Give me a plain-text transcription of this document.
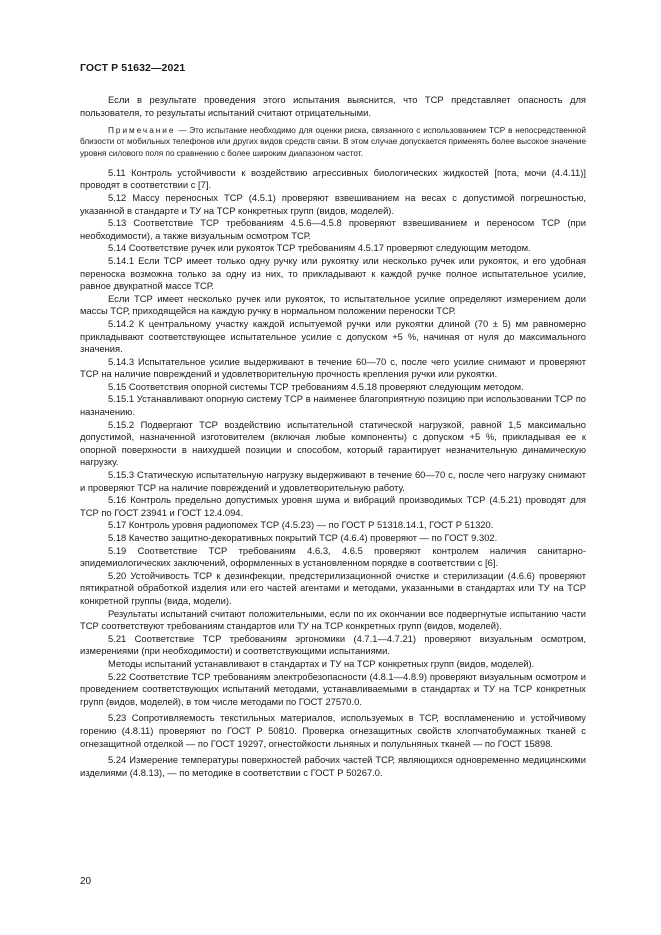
ГОСТ Р 51632—2021

Если в результате проведения этого испытания выяснится, что ТСР представляет опасность для пользователя, то результаты испытаний считают отрицательными.

Примечание — Это испытание необходимо для оценки риска, связанного с использованием ТСР в непосредственной близости от мобильных телефонов или других видов средств связи. В этом случае допускается применять более высокое значение уровня силового поля по сравнению с более широким диапазоном частот.

5.11 Контроль устойчивости к воздействию агрессивных биологических жидкостей [пота, мочи (4.4.11)] проводят в соответствии с [7].

5.12 Массу переносных ТСР (4.5.1) проверяют взвешиванием на весах с допустимой погрешностью, указанной в стандарте и ТУ на ТСР конкретных групп (видов, моделей).

5.13 Соответствие ТСР требованиям 4.5.6—4.5.8 проверяют взвешиванием и переносом ТСР (при необходимости), а также визуальным осмотром ТСР.

5.14 Соответствие ручек или рукояток ТСР требованиям 4.5.17 проверяют следующим методом.

5.14.1 Если ТСР имеет только одну ручку или рукоятку или несколько ручек или рукояток, и его удобная переноска возможна только за одну из них, то прикладывают к каждой ручке полное испытательное усилие, равное двукратной массе ТСР.

Если ТСР имеет несколько ручек или рукояток, то испытательное усилие определяют измерением доли массы ТСР, приходящейся на каждую ручку в нормальном положении переноски ТСР.

5.14.2 К центральному участку каждой испытуемой ручки или рукоятки длиной (70 ± 5) мм равномерно прикладывают соответствующее испытательное усилие с допуском +5 %, начиная от нуля до максимального значения.

5.14.3 Испытательное усилие выдерживают в течение 60—70 с, после чего усилие снимают и проверяют ТСР на наличие повреждений и удовлетворительную прочность крепления ручки или рукоятки.

5.15 Соответствия опорной системы ТСР требованиям 4.5.18 проверяют следующим методом.

5.15.1 Устанавливают опорную систему ТСР в наименее благоприятную позицию при использовании ТСР по назначению.

5.15.2 Подвергают ТСР воздействию испытательной статической нагрузкой, равной 1,5 максимально допустимой, назначенной изготовителем (включая любые компоненты) с допуском +5 %, прикладывая ее к опорной поверхности в наихудшей позиции и способом, который гарантирует незначительную динамическую нагрузку.

5.15.3 Статическую испытательную нагрузку выдерживают в течение 60—70 с, после чего нагрузку снимают и проверяют ТСР на наличие повреждений и удовлетворительную работу.

5.16 Контроль предельно допустимых уровня шума и вибраций производимых ТСР (4.5.21) проводят для ТСР по ГОСТ 23941 и ГОСТ 12.4.094.

5.17 Контроль уровня радиопомех ТСР (4.5.23) — по ГОСТ Р 51318.14.1, ГОСТ Р 51320.

5.18 Качество защитно-декоративных покрытий ТСР (4.6.4) проверяют — по ГОСТ 9.302.

5.19 Соответствие ТСР требованиям 4.6.3, 4.6.5 проверяют контролем наличия санитарно-эпидемиологических заключений, оформленных в установленном порядке в соответствии с [6].

5.20 Устойчивость ТСР к дезинфекции, предстерилизационной очистке и стерилизации (4.6.6) проверяют пятикратной обработкой изделия или его частей агентами и методами, указанными в стандартах или ТУ на ТСР конкретной группы (вида, модели).

Результаты испытаний считают положительными, если по их окончании все подвергнутые испытанию части ТСР соответствуют требованиям стандартов или ТУ на ТСР конкретных групп (видов, моделей).

5.21 Соответствие ТСР требованиям эргономики (4.7.1—4.7.21) проверяют визуальным осмотром, измерениями (при необходимости) и соответствующими испытаниями.

Методы испытаний устанавливают в стандартах и ТУ на ТСР конкретных групп (видов, моделей).

5.22 Соответствие ТСР требованиям электробезопасности (4.8.1—4.8.9) проверяют визуальным осмотром и проведением соответствующих испытаний методами, устанавливаемыми в стандартах и ТУ на ТСР конкретных групп (видов, моделей), в том числе методами по ГОСТ 27570.0.

5.23 Сопротивляемость текстильных материалов, используемых в ТСР, воспламенению и устойчивому горению (4.8.11) проверяют по ГОСТ Р 50810. Проверка огнезащитных свойств хлопчатобумажных тканей с огнезащитной отделкой — по ГОСТ 19297, огнестойкости льняных и полульняных тканей — по ГОСТ 15898.

5.24 Измерение температуры поверхностей рабочих частей ТСР, являющихся одновременно медицинскими изделиями (4.8.13), — по методике в соответствии с ГОСТ Р 50267.0.

20
